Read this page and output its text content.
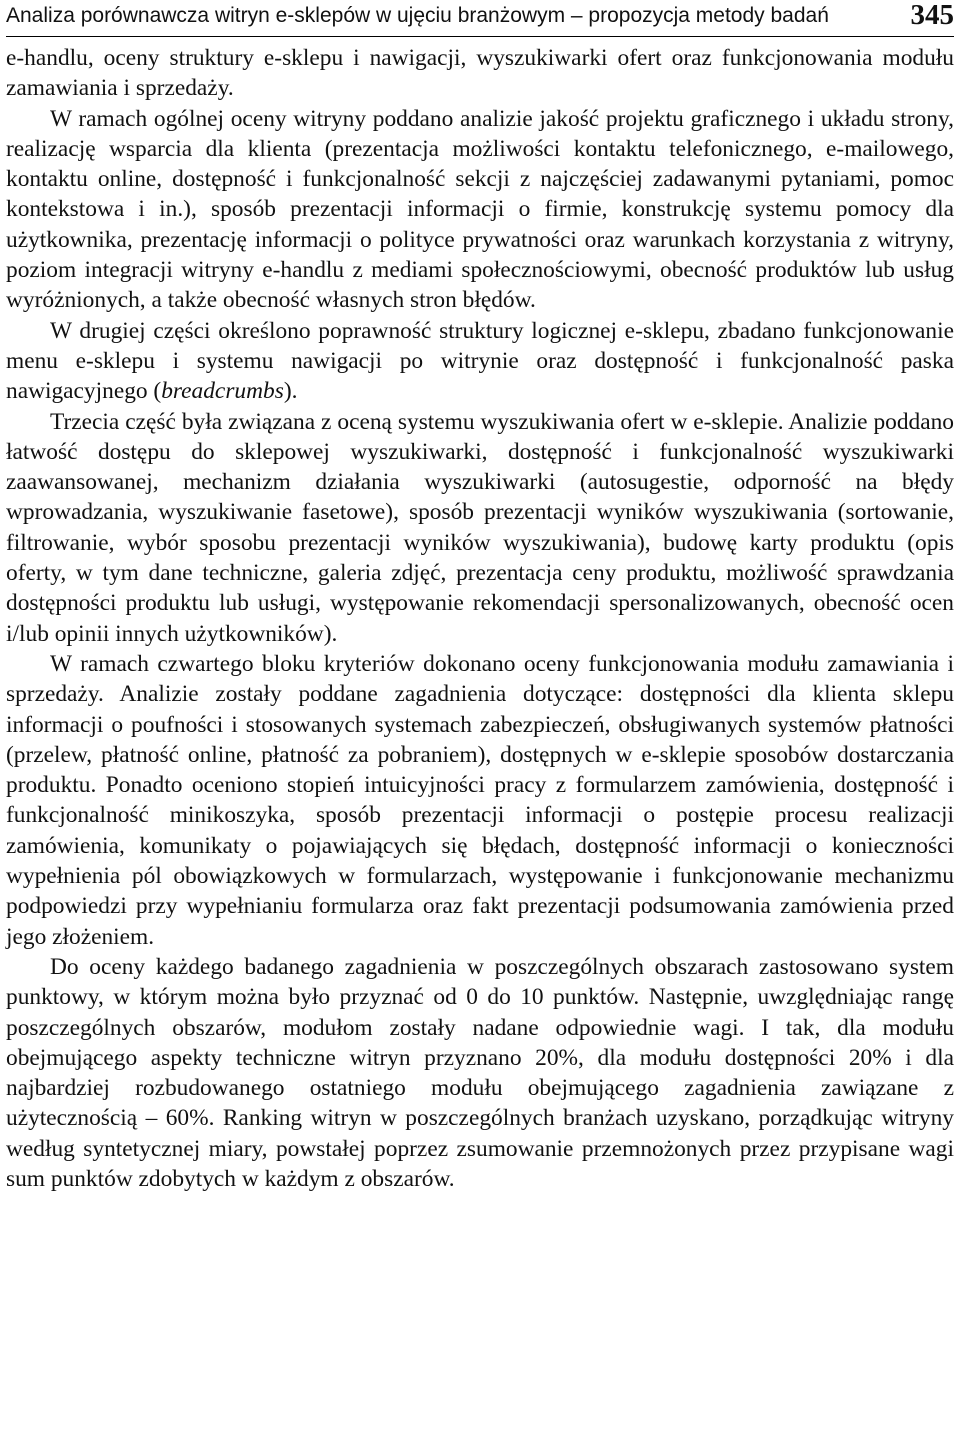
Analiza porównawcza witryn e-sklepów w ujęciu branżowym – propozycja metody badań	345

e-handlu, oceny struktury e-sklepu i nawigacji, wyszukiwarki ofert oraz funkcjonowania modułu zamawiania i sprzedaży.

W ramach ogólnej oceny witryny poddano analizie jakość projektu graficznego i układu strony, realizację wsparcia dla klienta (prezentacja możliwości kontaktu telefonicznego, e-mailowego, kontaktu online, dostępność i funkcjonalność sekcji z najczęściej zadawanymi pytaniami, pomoc kontekstowa i in.), sposób prezentacji informacji o firmie, konstrukcję systemu pomocy dla użytkownika, prezentację informacji o polityce prywatności oraz warunkach korzystania z witryny, poziom integracji witryny e-handlu z mediami społecznościowymi, obecność produktów lub usług wyróżnionych, a także obecność własnych stron błędów.

W drugiej części określono poprawność struktury logicznej e-sklepu, zbadano funkcjonowanie menu e-sklepu i systemu nawigacji po witrynie oraz dostępność i funkcjonalność paska nawigacyjnego (breadcrumbs).

Trzecia część była związana z oceną systemu wyszukiwania ofert w e-sklepie. Analizie poddano łatwość dostępu do sklepowej wyszukiwarki, dostępność i funkcjonalność wyszukiwarki zaawansowanej, mechanizm działania wyszukiwarki (autosugestie, odporność na błędy wprowadzania, wyszukiwanie fasetowe), sposób prezentacji wyników wyszukiwania (sortowanie, filtrowanie, wybór sposobu prezentacji wyników wyszukiwania), budowę karty produktu (opis oferty, w tym dane techniczne, galeria zdjęć, prezentacja ceny produktu, możliwość sprawdzania dostępności produktu lub usługi, występowanie rekomendacji spersonalizowanych, obecność ocen i/lub opinii innych użytkowników).

W ramach czwartego bloku kryteriów dokonano oceny funkcjonowania modułu zamawiania i sprzedaży. Analizie zostały poddane zagadnienia dotyczące: dostępności dla klienta sklepu informacji o poufności i stosowanych systemach zabezpieczeń, obsługiwanych systemów płatności (przelew, płatność online, płatność za pobraniem), dostępnych w e-sklepie sposobów dostarczania produktu. Ponadto oceniono stopień intuicyjności pracy z formularzem zamówienia, dostępność i funkcjonalność minikoszyka, sposób prezentacji informacji o postępie procesu realizacji zamówienia, komunikaty o pojawiających się błędach, dostępność informacji o konieczności wypełnienia pól obowiązkowych w formularzach, występowanie i funkcjonowanie mechanizmu podpowiedzi przy wypełnianiu formularza oraz fakt prezentacji podsumowania zamówienia przed jego złożeniem.

Do oceny każdego badanego zagadnienia w poszczególnych obszarach zastosowano system punktowy, w którym można było przyznać od 0 do 10 punktów. Następnie, uwzględniając rangę poszczególnych obszarów, modułom zostały nadane odpowiednie wagi. I tak, dla modułu obejmującego aspekty techniczne witryn przyznano 20%, dla modułu dostępności 20% i dla najbardziej rozbudowanego ostatniego modułu obejmującego zagadnienia zawiązane z użytecznością – 60%. Ranking witryn w poszczególnych branżach uzyskano, porządkując witryny według syntetycznej miary, powstałej poprzez zsumowanie przemnożonych przez przypisane wagi sum punktów zdobytych w każdym z obszarów.
